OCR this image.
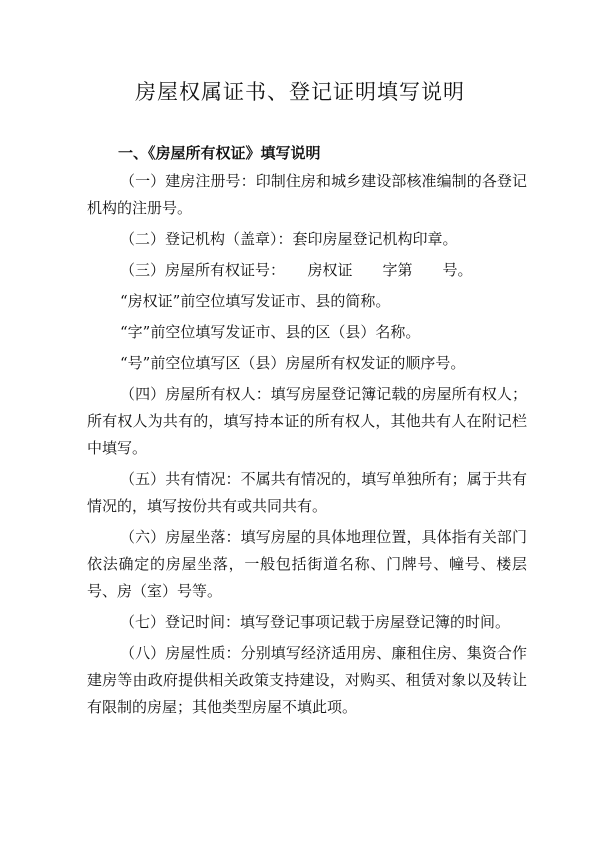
房屋权属证书、登记证明填写说明
一、《房屋所有权证》填写说明

（一）建房注册号：印制住房和城乡建设部核准编制的各登记机构的注册号。

（二）登记机构（盖章）：套印房屋登记机构印章。

（三）房屋所有权证号：　　房权证　　字第　　号。

“房权证”前空位填写发证市、县的简称。

“字”前空位填写发证市、县的区（县）名称。

“号”前空位填写区（县）房屋所有权发证的顺序号。

（四）房屋所有权人：填写房屋登记簿记载的房屋所有权人；所有权人为共有的，填写持本证的所有权人，其他共有人在附记栏中填写。

（五）共有情况：不属共有情况的，填写单独所有；属于共有情况的，填写按份共有或共同共有。

（六）房屋坐落：填写房屋的具体地理位置，具体指有关部门依法确定的房屋坐落，一般包括街道名称、门牌号、幢号、楼层号、房（室）号等。

（七）登记时间：填写登记事项记载于房屋登记簿的时间。

（八）房屋性质：分别填写经济适用房、廉租住房、集资合作建房等由政府提供相关政策支持建设，对购买、租赁对象以及转让有限制的房屋；其他类型房屋不填此项。
